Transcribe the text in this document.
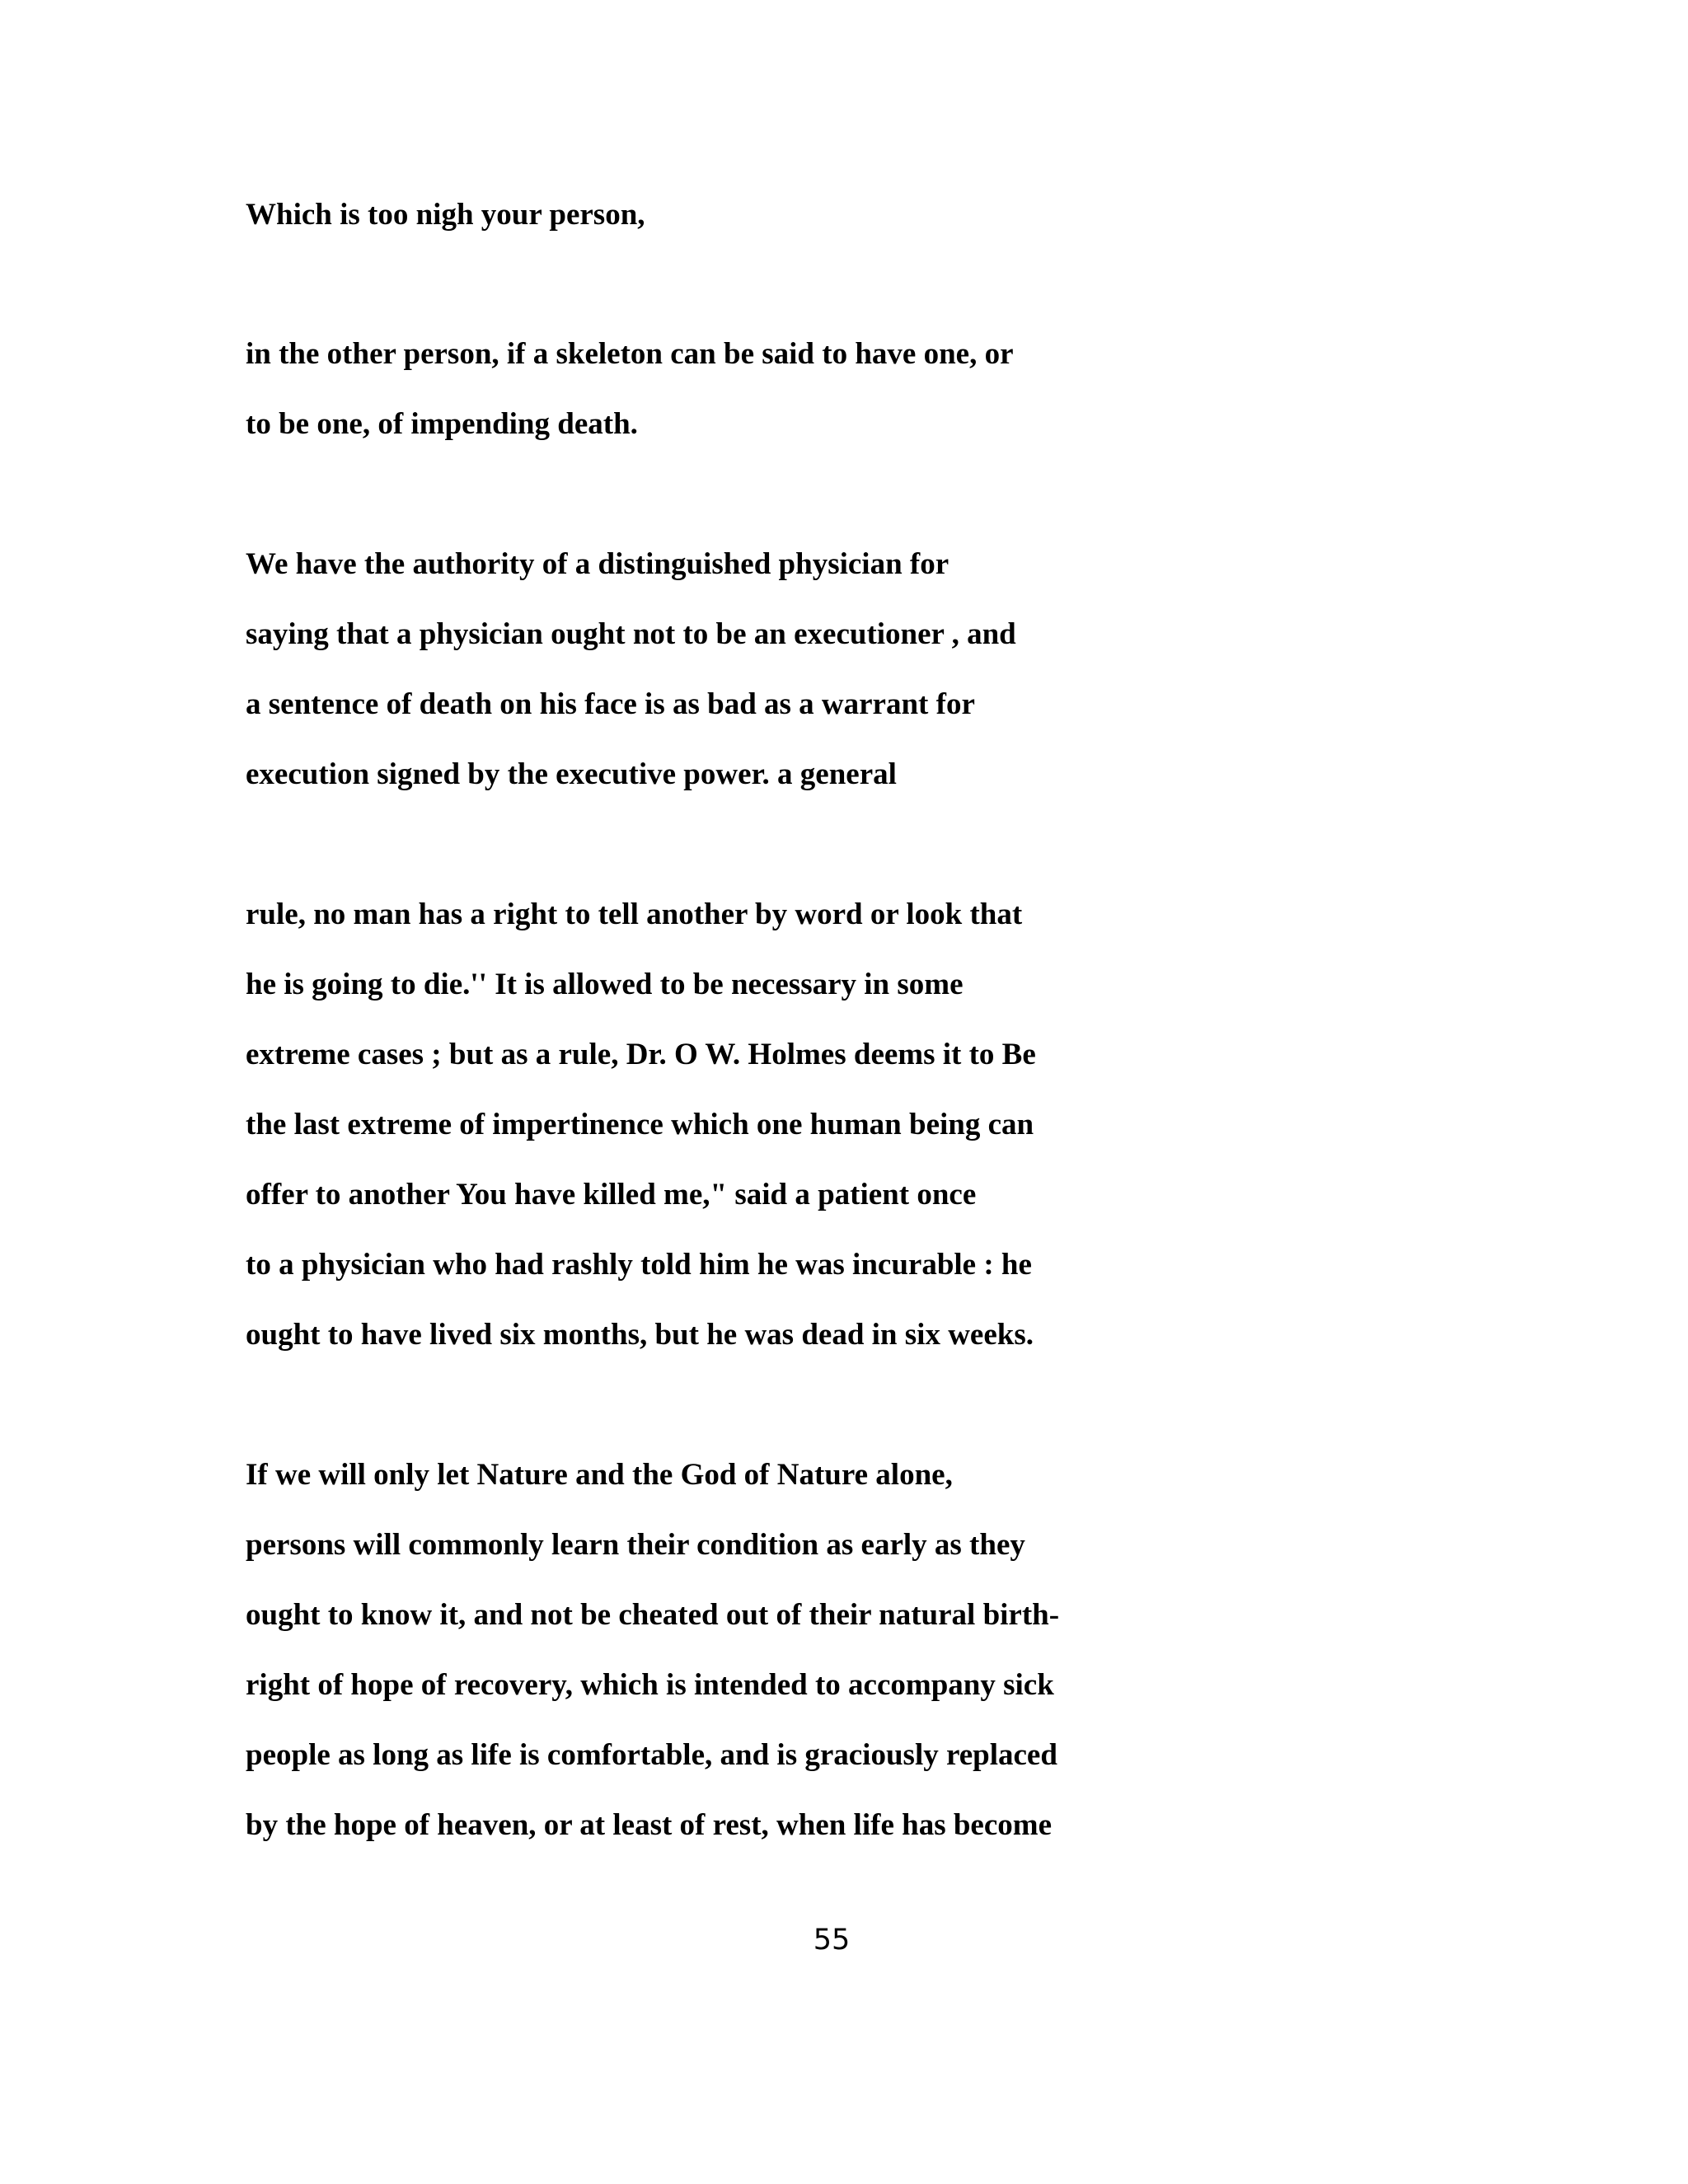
Which is too nigh your person,
in the other person, if a skeleton can be said to have one, or
to be one, of impending death.
We have the authority of a distinguished physician for
saying that a physician ought not to be an executioner , and
a sentence of death on his face is as bad as a warrant for
execution signed by the executive power. a general
rule, no man has a right to tell another by word or look that
he is going to die.'' It is allowed to be necessary in some
extreme cases ; but as a rule, Dr. O W. Holmes deems it to Be
the last extreme of impertinence which one human being can
offer to another You have killed me," said a patient once
to a physician who had rashly told him he was incurable : he
ought to have lived six months, but he was dead in six weeks.
If we will only let Nature and the God of Nature alone,
persons will commonly learn their condition as early as they
ought to know it, and not be cheated out of their natural birth-
right of hope of recovery, which is intended to accompany sick
people as long as life is comfortable, and is graciously replaced
by the hope of heaven, or at least of rest, when life has become
55
